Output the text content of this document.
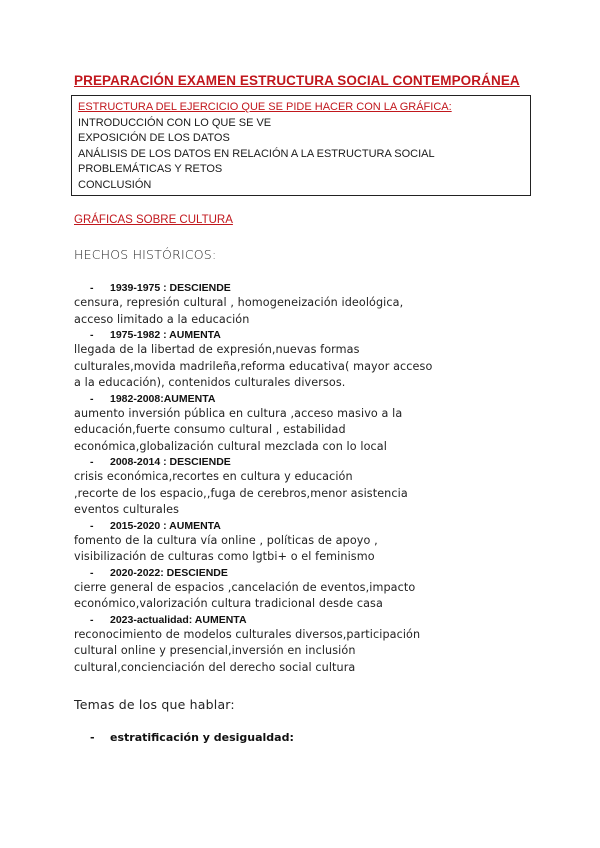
PREPARACIÓN EXAMEN ESTRUCTURA SOCIAL CONTEMPORÁNEA
ESTRUCTURA DEL EJERCICIO QUE SE PIDE HACER CON LA GRÁFICA:
INTRODUCCIÓN CON LO QUE SE VE
EXPOSICIÓN DE LOS DATOS
ANÁLISIS DE LOS DATOS EN RELACIÓN A LA ESTRUCTURA SOCIAL
PROBLEMÁTICAS Y RETOS
CONCLUSIÓN
GRÁFICAS SOBRE CULTURA
HECHOS HISTÓRICOS:
- 1939-1975 : DESCIENDE
censura, represión cultural , homogeneización ideológica,
acceso limitado a la educación
- 1975-1982 : AUMENTA
llegada de la libertad de expresión,nuevas formas
culturales,movida madrileña,reforma educativa( mayor acceso
a la educación), contenidos culturales diversos.
- 1982-2008:AUMENTA
aumento inversión pública en cultura ,acceso masivo a la
educación,fuerte consumo cultural , estabilidad
económica,globalización cultural mezclada con lo local
- 2008-2014 : DESCIENDE
crisis económica,recortes en cultura y educación
,recorte de los espacio,,fuga de cerebros,menor asistencia
eventos culturales
- 2015-2020 : AUMENTA
fomento de la cultura vía online , políticas de apoyo ,
visibilización de culturas como lgtbi+ o el feminismo
- 2020-2022: DESCIENDE
cierre general de espacios ,cancelación de eventos,impacto
económico,valorización cultura tradicional desde casa
- 2023-actualidad: AUMENTA
reconocimiento de modelos culturales diversos,participación
cultural online y presencial,inversión en inclusión
cultural,concienciación del derecho social cultura
Temas de los que hablar:
- estratificación y desigualdad:
